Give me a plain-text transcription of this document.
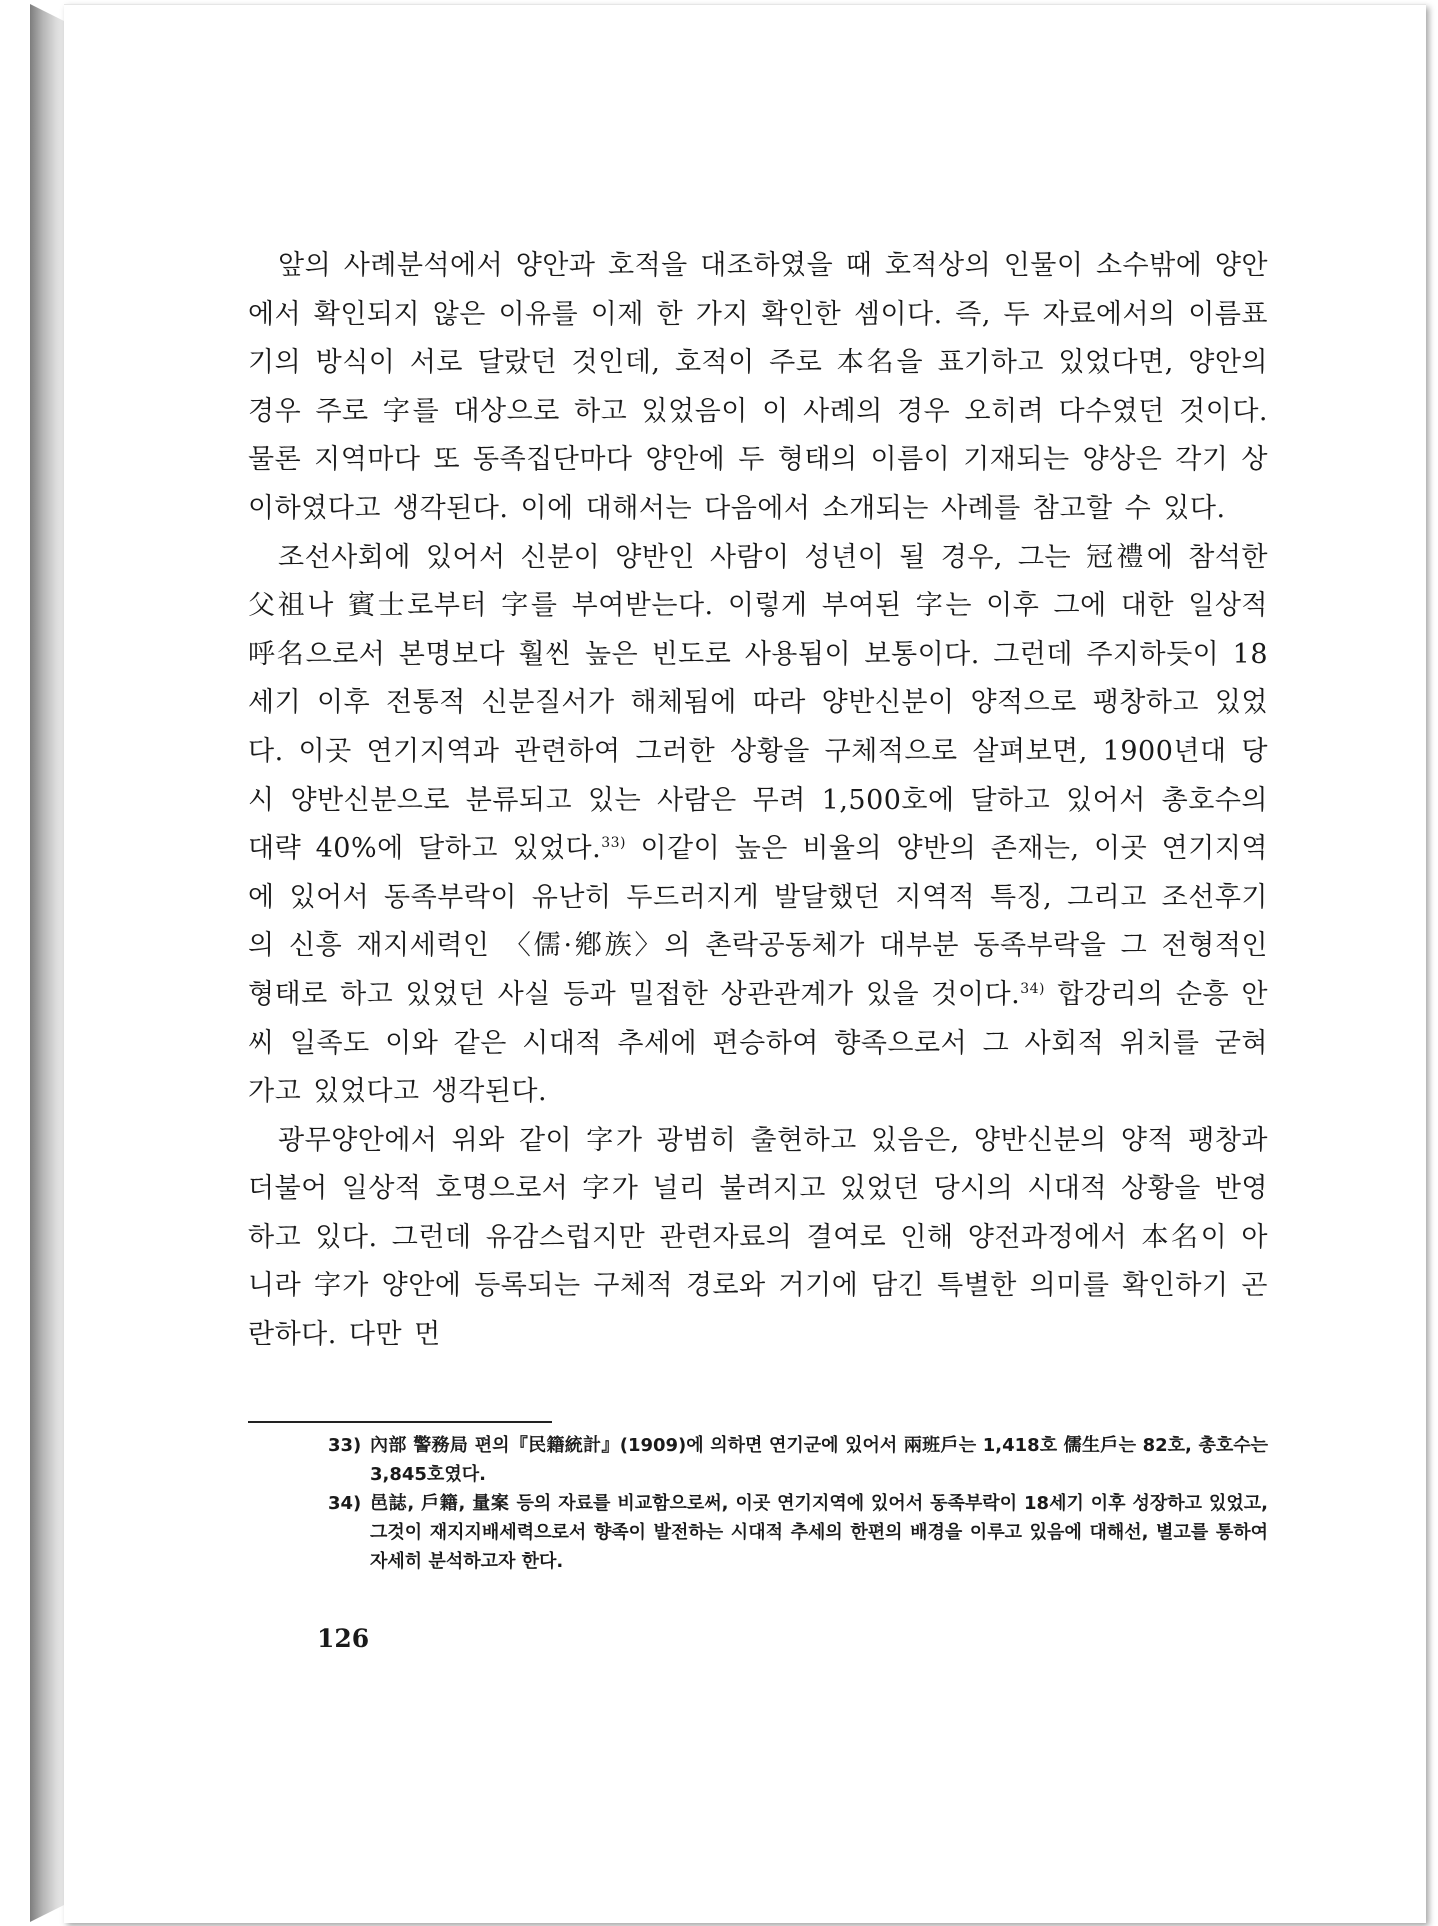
앞의 사례분석에서 양안과 호적을 대조하였을 때 호적상의 인물이 소수밖에 양안에서 확인되지 않은 이유를 이제 한 가지 확인한 셈이다. 즉, 두 자료에서의 이름표기의 방식이 서로 달랐던 것인데, 호적이 주로 本名을 표기하고 있었다면, 양안의 경우 주로 字를 대상으로 하고 있었음이 이 사례의 경우 오히려 다수였던 것이다. 물론 지역마다 또 동족집단마다 양안에 두 형태의 이름이 기재되는 양상은 각기 상이하였다고 생각된다. 이에 대해서는 다음에서 소개되는 사례를 참고할 수 있다.

조선사회에 있어서 신분이 양반인 사람이 성년이 될 경우, 그는 冠禮에 참석한 父祖나 賓士로부터 字를 부여받는다. 이렇게 부여된 字는 이후 그에 대한 일상적 呼名으로서 본명보다 훨씬 높은 빈도로 사용됨이 보통이다. 그런데 주지하듯이 18세기 이후 전통적 신분질서가 해체됨에 따라 양반신분이 양적으로 팽창하고 있었다. 이곳 연기지역과 관련하여 그러한 상황을 구체적으로 살펴보면, 1900년대 당시 양반신분으로 분류되고 있는 사람은 무려 1,500호에 달하고 있어서 총호수의 대략 40%에 달하고 있었다.$^{33)}$ 이같이 높은 비율의 양반의 존재는, 이곳 연기지역에 있어서 동족부락이 유난히 두드러지게 발달했던 지역적 특징, 그리고 조선후기의 신흥 재지세력인 〈儒·鄕族〉의 촌락공동체가 대부분 동족부락을 그 전형적인 형태로 하고 있었던 사실 등과 밀접한 상관관계가 있을 것이다.$^{34)}$ 합강리의 순흥 안씨 일족도 이와 같은 시대적 추세에 편승하여 향족으로서 그 사회적 위치를 굳혀 가고 있었다고 생각된다.

광무양안에서 위와 같이 字가 광범히 출현하고 있음은, 양반신분의 양적 팽창과 더불어 일상적 호명으로서 字가 널리 불려지고 있었던 당시의 시대적 상황을 반영하고 있다. 그런데 유감스럽지만 관련자료의 결여로 인해 양전과정에서 本名이 아니라 字가 양안에 등록되는 구체적 경로와 거기에 담긴 특별한 의미를 확인하기 곤란하다. 다만 먼

33) 內部 警務局 편의『民籍統計』(1909)에 의하면 연기군에 있어서 兩班戶는 1,418호 儒生戶는 82호, 총호수는 3,845호였다.

34) 邑誌, 戶籍, 量案 등의 자료를 비교함으로써, 이곳 연기지역에 있어서 동족부락이 18세기 이후 성장하고 있었고, 그것이 재지지배세력으로서 향족이 발전하는 시대적 추세의 한편의 배경을 이루고 있음에 대해선, 별고를 통하여 자세히 분석하고자 한다.

126
